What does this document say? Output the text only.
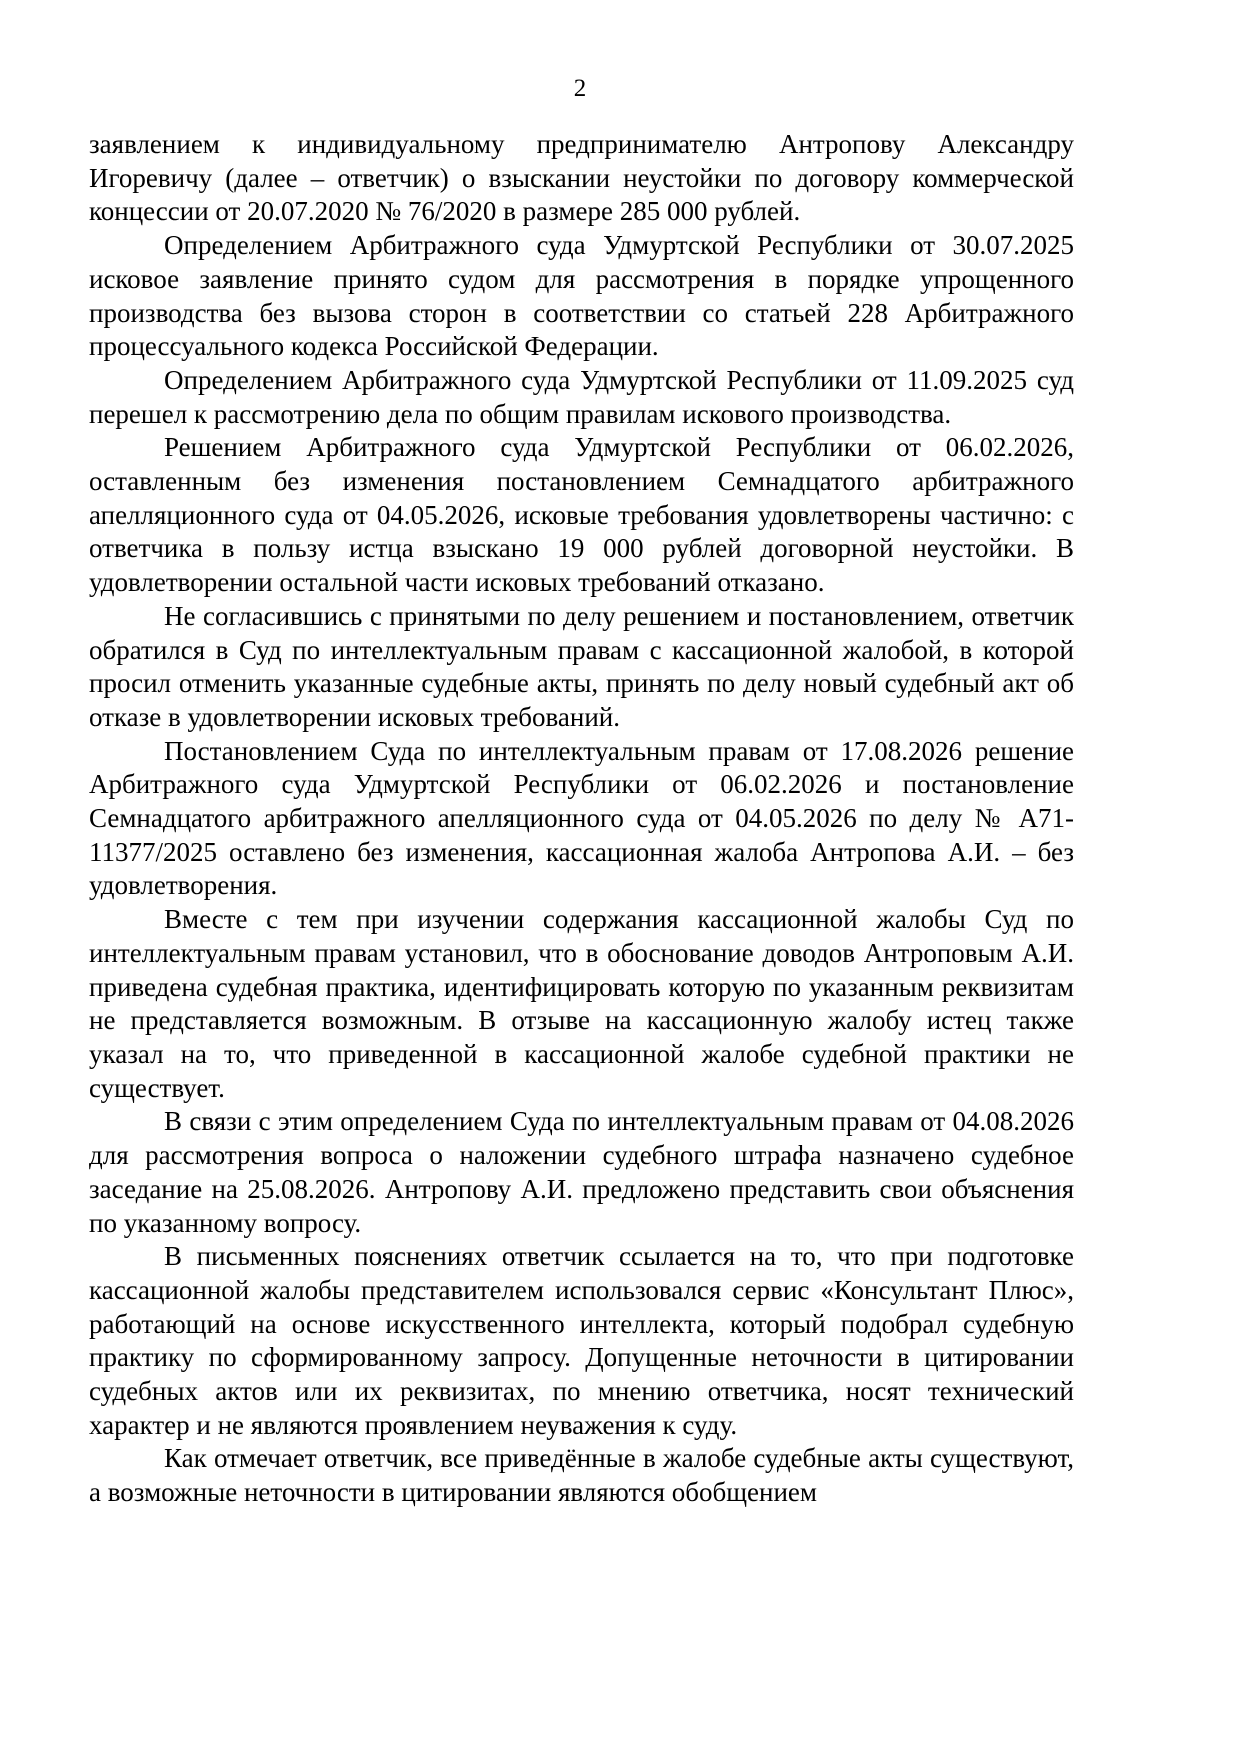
2

заявлением к индивидуальному предпринимателю Антропову Александру Игоревичу (далее – ответчик) о взыскании неустойки по договору коммерческой концессии от 20.07.2020 № 76/2020 в размере 285 000 рублей.

Определением Арбитражного суда Удмуртской Республики от 30.07.2025 исковое заявление принято судом для рассмотрения в порядке упрощенного производства без вызова сторон в соответствии со статьей 228 Арбитражного процессуального кодекса Российской Федерации.

Определением Арбитражного суда Удмуртской Республики от 11.09.2025 суд перешел к рассмотрению дела по общим правилам искового производства.

Решением Арбитражного суда Удмуртской Республики от 06.02.2026, оставленным без изменения постановлением Семнадцатого арбитражного апелляционного суда от 04.05.2026, исковые требования удовлетворены частично: с ответчика в пользу истца взыскано 19 000 рублей договорной неустойки. В удовлетворении остальной части исковых требований отказано.

Не согласившись с принятыми по делу решением и постановлением, ответчик обратился в Суд по интеллектуальным правам с кассационной жалобой, в которой просил отменить указанные судебные акты, принять по делу новый судебный акт об отказе в удовлетворении исковых требований.

Постановлением Суда по интеллектуальным правам от 17.08.2026 решение Арбитражного суда Удмуртской Республики от 06.02.2026 и постановление Семнадцатого арбитражного апелляционного суда от 04.05.2026 по делу № А71-11377/2025 оставлено без изменения, кассационная жалоба Антропова А.И. – без удовлетворения.

Вместе с тем при изучении содержания кассационной жалобы Суд по интеллектуальным правам установил, что в обоснование доводов Антроповым А.И. приведена судебная практика, идентифицировать которую по указанным реквизитам не представляется возможным. В отзыве на кассационную жалобу истец также указал на то, что приведенной в кассационной жалобе судебной практики не существует.

В связи с этим определением Суда по интеллектуальным правам от 04.08.2026 для рассмотрения вопроса о наложении судебного штрафа назначено судебное заседание на 25.08.2026. Антропову А.И. предложено представить свои объяснения по указанному вопросу.

В письменных пояснениях ответчик ссылается на то, что при подготовке кассационной жалобы представителем использовался сервис «Консультант Плюс», работающий на основе искусственного интеллекта, который подобрал судебную практику по сформированному запросу. Допущенные неточности в цитировании судебных актов или их реквизитах, по мнению ответчика, носят технический характер и не являются проявлением неуважения к суду.

Как отмечает ответчик, все приведённые в жалобе судебные акты существуют, а возможные неточности в цитировании являются обобщением
